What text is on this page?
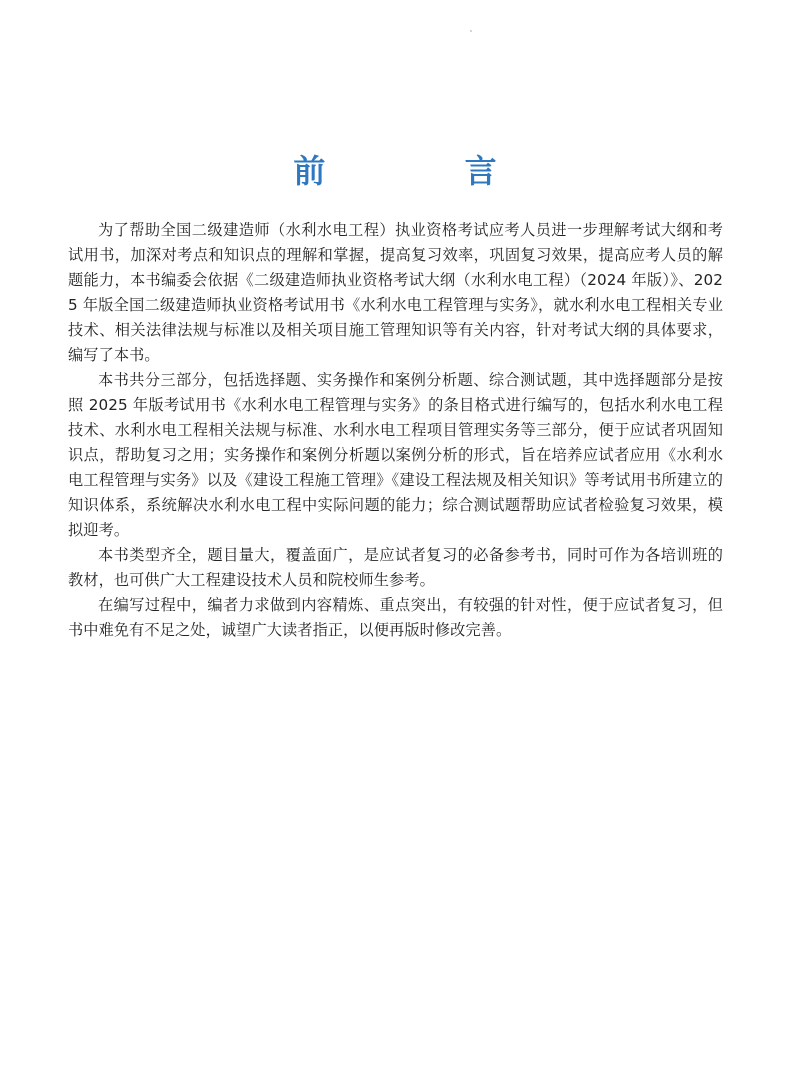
前 言

为了帮助全国二级建造师（水利水电工程）执业资格考试应考人员进一步理解考试大纲和考试用书，加深对考点和知识点的理解和掌握，提高复习效率，巩固复习效果，提高应考人员的解题能力，本书编委会依据《二级建造师执业资格考试大纲（水利水电工程）（2024 年版）》、2025 年版全国二级建造师执业资格考试用书《水利水电工程管理与实务》，就水利水电工程相关专业技术、相关法律法规与标准以及相关项目施工管理知识等有关内容，针对考试大纲的具体要求，编写了本书。

本书共分三部分，包括选择题、实务操作和案例分析题、综合测试题，其中选择题部分是按照 2025 年版考试用书《水利水电工程管理与实务》的条目格式进行编写的，包括水利水电工程技术、水利水电工程相关法规与标准、水利水电工程项目管理实务等三部分，便于应试者巩固知识点，帮助复习之用；实务操作和案例分析题以案例分析的形式，旨在培养应试者应用《水利水电工程管理与实务》以及《建设工程施工管理》《建设工程法规及相关知识》等考试用书所建立的知识体系，系统解决水利水电工程中实际问题的能力；综合测试题帮助应试者检验复习效果，模拟迎考。

本书类型齐全，题目量大，覆盖面广，是应试者复习的必备参考书，同时可作为各培训班的教材，也可供广大工程建设技术人员和院校师生参考。

在编写过程中，编者力求做到内容精炼、重点突出，有较强的针对性，便于应试者复习，但书中难免有不足之处，诚望广大读者指正，以便再版时修改完善。
